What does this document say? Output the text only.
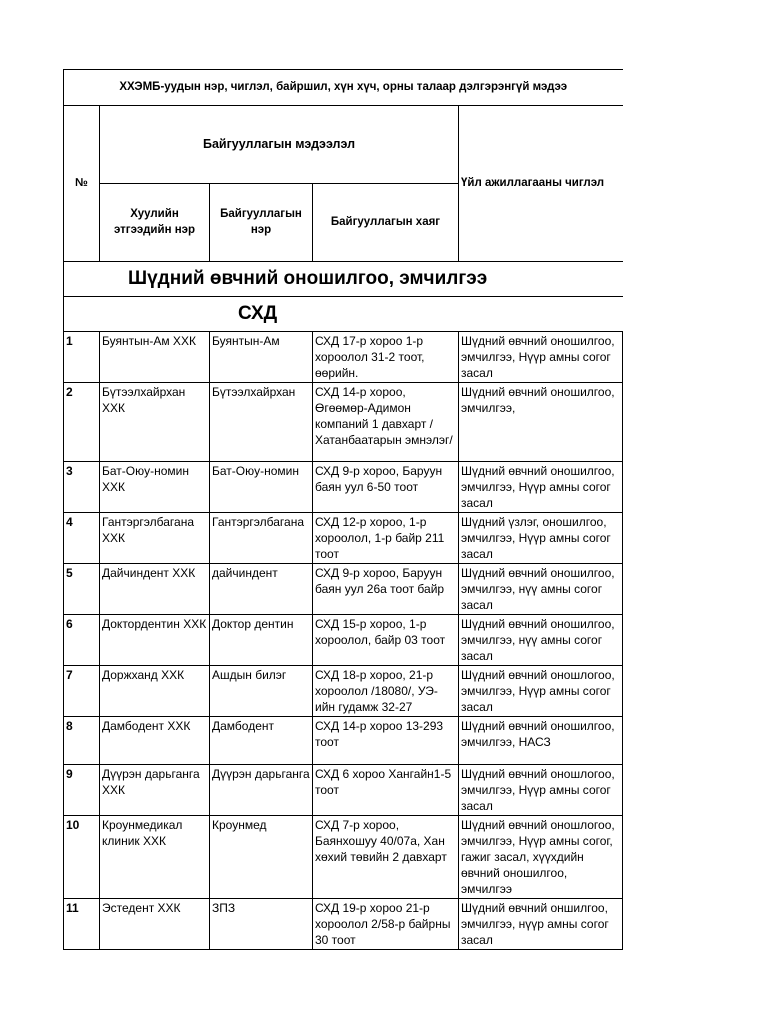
ХХЭМБ-уудын нэр, чиглэл, байршил, хүн хүч, орны талаар дэлгэрэнгүй мэдээ				
№	Байгууллагын мэдээлэл			Үйл ажиллагааны чиглэл
	Хуулийн этгээдийн нэр	Байгууллагын нэр	Байгууллагын хаяг	
Шүдний өвчний оношилгоо, эмчилгээ				
СХД				
1	Буянтын-Ам ХХК	Буянтын-Ам	СХД 17-р хороо 1-р хороолол 31-2 тоот, өөрийн.	Шүдний өвчний оношилгоо, эмчилгээ, Нүүр амны согог засал
2	Бүтээлхайрхан ХХК	Бүтээлхайрхан	СХД 14-р хороо, Өгөөмөр-Адимон компаний 1 давхарт /Хатанбаатарын эмнэлэг/	Шүдний өвчний оношилгоо, эмчилгээ,
3	Бат-Оюу-номин ХХК	Бат-Оюу-номин	СХД 9-р хороо, Баруун баян уул 6-50 тоот	Шүдний өвчний оношилгоо, эмчилгээ, Нүүр амны согог засал
4	Гантэргэлбагана ХХК	Гантэргэлбагана	СХД 12-р хороо, 1-р хороолол, 1-р байр 211 тоот	Шүдний үзлэг, оношилгоо, эмчилгээ, Нүүр амны согог засал
5	Дайчиндент ХХК	дайчиндент	СХД 9-р хороо, Баруун баян уул 26а тоот байр	Шүдний өвчний оношилгоо, эмчилгээ, нүү амны согог засал
6	Доктордентин ХХК	Доктор дентин	СХД 15-р хороо, 1-р хороолол, байр 03 тоот	Шүдний өвчний оношилгоо, эмчилгээ, нүү амны согог засал
7	Доржханд ХХК	Ашдын билэг	СХД 18-р хороо, 21-р хороолол /18080/, УЭ-ийн гудамж 32-27	Шүдний өвчний оношлогоо, эмчилгээ, Нүүр амны согог засал
8	Дамбодент ХХК	Дамбодент	СХД 14-р хороо 13-293 тоот	Шүдний өвчний оношилгоо, эмчилгээ, НАСЗ
9	Дүүрэн дарьганга ХХК	Дүүрэн дарьганга	СХД 6 хороо Хангайн1-5 тоот	Шүдний өвчний оношлогоо, эмчилгээ, Нүүр амны согог засал
10	Кроунмедикал клиник ХХК	Кроунмед	СХД 7-р хороо, Баянхошуу 40/07а, Хан хөхий төвийн 2 давхарт	Шүдний өвчний оношлогоо, эмчилгээ, Нүүр амны согог, гажиг засал, хүүхдийн өвчний оношилгоо, эмчилгээ
11	Эстедент ХХК	ЗПЗ	СХД 19-р хороо 21-р хороолол 2/58-р байрны 30 тоот	Шүдний өвчний оншилгоо, эмчилгээ, нүүр амны согог засал
